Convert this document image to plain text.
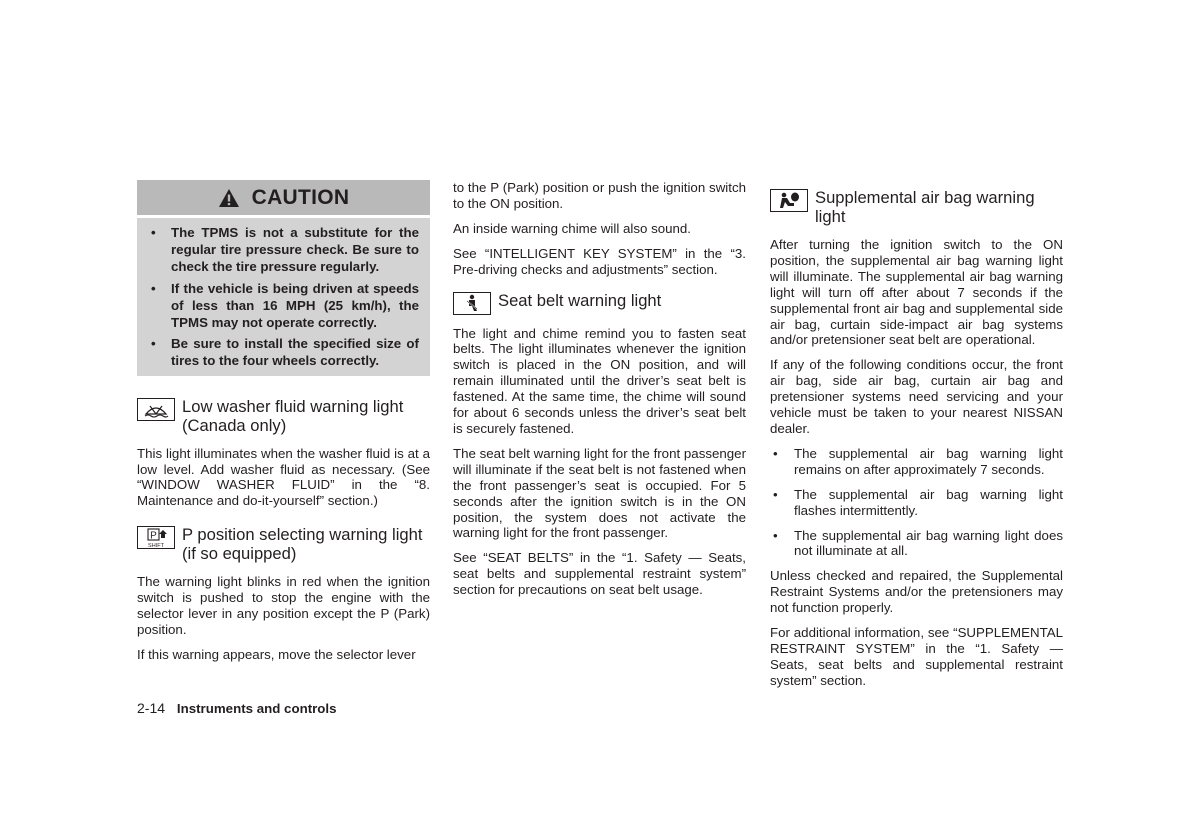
CAUTION
• The TPMS is not a substitute for the regular tire pressure check. Be sure to check the tire pressure regularly.
• If the vehicle is being driven at speeds of less than 16 MPH (25 km/h), the TPMS may not operate correctly.
• Be sure to install the specified size of tires to the four wheels correctly.
Low washer fluid warning light
(Canada only)

This light illuminates when the washer fluid is at a low level. Add washer fluid as necessary. (See “WINDOW WASHER FLUID” in the “8. Maintenance and do-it-yourself” section.)

P
SHIFT
P position selecting warning light
(if so equipped)

The warning light blinks in red when the ignition switch is pushed to stop the engine with the selector lever in any position except the P (Park) position.

If this warning appears, move the selector lever

to the P (Park) position or push the ignition switch to the ON position.

An inside warning chime will also sound.

See “INTELLIGENT KEY SYSTEM” in the “3. Pre-driving checks and adjustments” section.

Seat belt warning light

The light and chime remind you to fasten seat belts. The light illuminates whenever the ignition switch is placed in the ON position, and will remain illuminated until the driver’s seat belt is fastened. At the same time, the chime will sound for about 6 seconds unless the driver’s seat belt is securely fastened.

The seat belt warning light for the front passenger will illuminate if the seat belt is not fastened when the front passenger’s seat is occupied. For 5 seconds after the ignition switch is in the ON position, the system does not activate the warning light for the front passenger.

See “SEAT BELTS” in the “1. Safety — Seats, seat belts and supplemental restraint system” section for precautions on seat belt usage.

Supplemental air bag warning light

After turning the ignition switch to the ON position, the supplemental air bag warning light will illuminate. The supplemental air bag warning light will turn off after about 7 seconds if the supplemental front air bag and supplemental side air bag, curtain side-impact air bag systems and/or pretensioner seat belt are operational.

If any of the following conditions occur, the front air bag, side air bag, curtain air bag and pretensioner systems need servicing and your vehicle must be taken to your nearest NISSAN dealer.

• The supplemental air bag warning light remains on after approximately 7 seconds.
• The supplemental air bag warning light flashes intermittently.
• The supplemental air bag warning light does not illuminate at all.

Unless checked and repaired, the Supplemental Restraint Systems and/or the pretensioners may not function properly.

For additional information, see “SUPPLEMENTAL RESTRAINT SYSTEM” in the “1. Safety — Seats, seat belts and supplemental restraint system” section.

2-14 Instruments and controls
